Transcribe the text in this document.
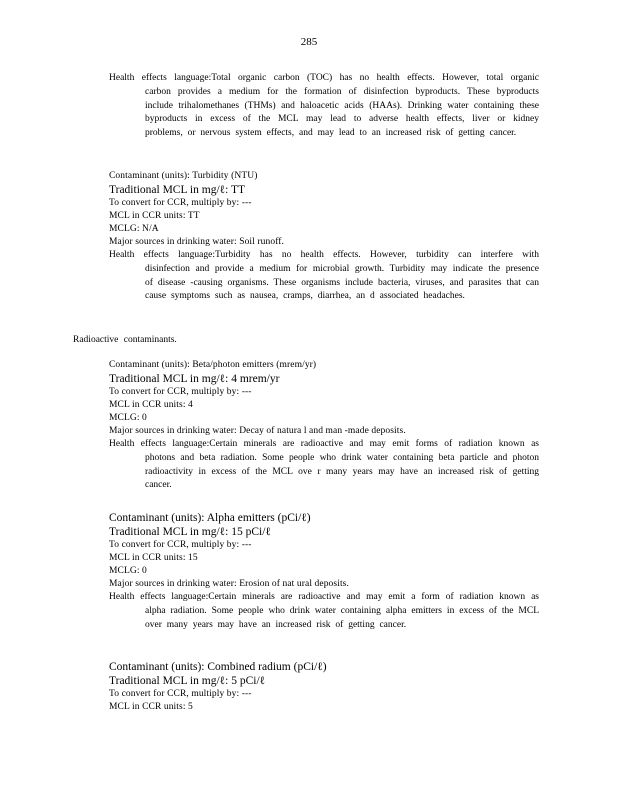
285
Health effects language:Total organic carbon (TOC) has no health effects. However, total organic carbon provides a medium for the formation of disinfection byproducts. These byproducts include trihalomethanes (THMs) and haloacetic acids (HAAs). Drinking water containing these byproducts in excess of the MCL may lead to adverse health effects, liver or kidney problems, or nervous system effects, and may lead to an increased risk of getting cancer.
Contaminant (units): Turbidity (NTU)
Traditional MCL in mg/ℓ: TT
To convert for CCR, multiply by: ---
MCL in CCR units: TT
MCLG: N/A
Major sources in drinking water: Soil runoff.
Health effects language:Turbidity has no health effects. However, turbidity can interfere with disinfection and provide a medium for microbial growth. Turbidity may indicate the presence of disease -causing organisms. These organisms include bacteria, viruses, and parasites that can cause symptoms such as nausea, cramps, diarrhea, an d associated headaches.
Radioactive contaminants.
Contaminant (units): Beta/photon emitters (mrem/yr)
Traditional MCL in mg/ℓ: 4 mrem/yr
To convert for CCR, multiply by: ---
MCL in CCR units: 4
MCLG: 0
Major sources in drinking water: Decay of natura l and man -made deposits.
Health effects language:Certain minerals are radioactive and may emit forms of radiation known as photons and beta radiation. Some people who drink water containing beta particle and photon radioactivity in excess of the MCL ove r many years may have an increased risk of getting cancer.
Contaminant (units): Alpha emitters (pCi/ℓ)
Traditional MCL in mg/ℓ: 15 pCi/ℓ
To convert for CCR, multiply by: ---
MCL in CCR units: 15
MCLG: 0
Major sources in drinking water: Erosion of nat ural deposits.
Health effects language:Certain minerals are radioactive and may emit a form of radiation known as alpha radiation. Some people who drink water containing alpha emitters in excess of the MCL over many years may have an increased risk of getting cancer.
Contaminant (units): Combined radium (pCi/ℓ)
Traditional MCL in mg/ℓ: 5 pCi/ℓ
To convert for CCR, multiply by: ---
MCL in CCR units: 5
